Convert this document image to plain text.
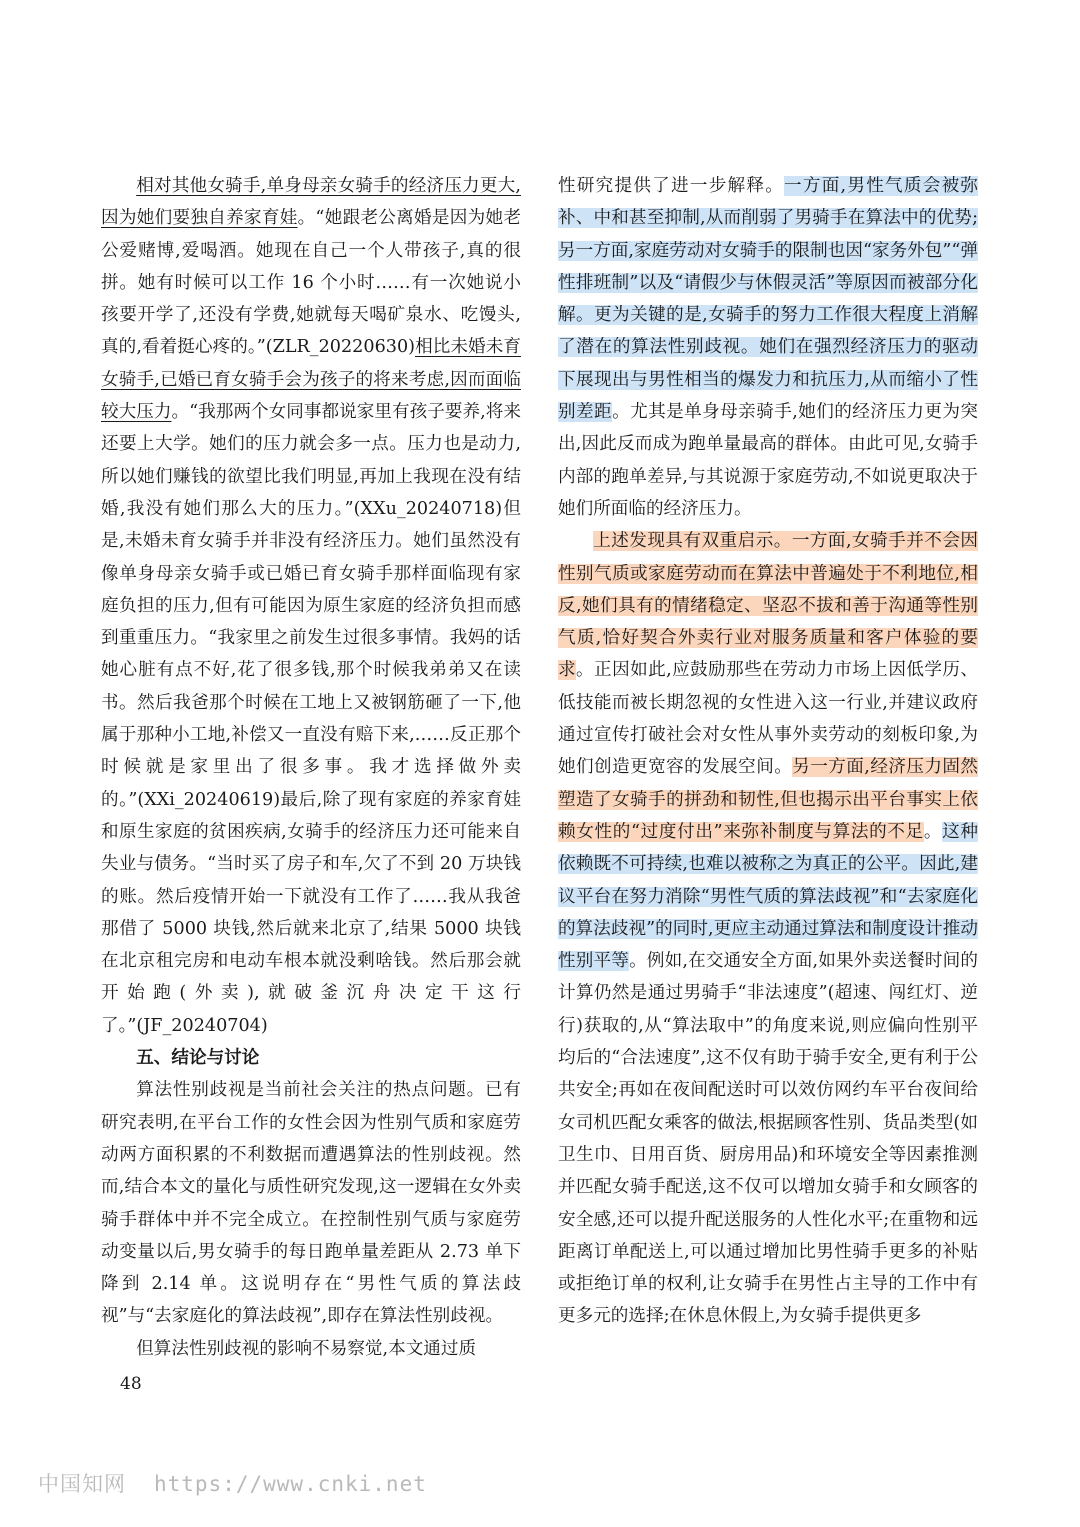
相对其他女骑手,单身母亲女骑手的经济压力更大,因为她们要独自养家育娃。“她跟老公离婚是因为她老公爱赌博,爱喝酒。她现在自己一个人带孩子,真的很拼。她有时候可以工作 16 个小时……有一次她说小孩要开学了,还没有学费,她就每天喝矿泉水、吃馒头,真的,看着挺心疼的。”(ZLR_20220630)相比未婚未育女骑手,已婚已育女骑手会为孩子的将来考虑,因而面临较大压力。“我那两个女同事都说家里有孩子要养,将来还要上大学。她们的压力就会多一点。压力也是动力,所以她们赚钱的欲望比我们明显,再加上我现在没有结婚,我没有她们那么大的压力。”(XXu_20240718)但是,未婚未育女骑手并非没有经济压力。她们虽然没有像单身母亲女骑手或已婚已育女骑手那样面临现有家庭负担的压力,但有可能因为原生家庭的经济负担而感到重重压力。“我家里之前发生过很多事情。我妈的话她心脏有点不好,花了很多钱,那个时候我弟弟又在读书。然后我爸那个时候在工地上又被钢筋砸了一下,他属于那种小工地,补偿又一直没有赔下来,……反正那个时候就是家里出了很多事。我才选择做外卖的。”(XXi_20240619)最后,除了现有家庭的养家育娃和原生家庭的贫困疾病,女骑手的经济压力还可能来自失业与债务。“当时买了房子和车,欠了不到 20 万块钱的账。然后疫情开始一下就没有工作了……我从我爸那借了 5000 块钱,然后就来北京了,结果 5000 块钱在北京租完房和电动车根本就没剩啥钱。然后那会就开始跑(外卖),就破釜沉舟决定干这行了。”(JF_20240704)

五、结论与讨论

算法性别歧视是当前社会关注的热点问题。已有研究表明,在平台工作的女性会因为性别气质和家庭劳动两方面积累的不利数据而遭遇算法的性别歧视。然而,结合本文的量化与质性研究发现,这一逻辑在女外卖骑手群体中并不完全成立。在控制性别气质与家庭劳动变量以后,男女骑手的每日跑单量差距从 2.73 单下降到 2.14 单。这说明存在“男性气质的算法歧视”与“去家庭化的算法歧视”,即存在算法性别歧视。

但算法性别歧视的影响不易察觉,本文通过质

性研究提供了进一步解释。一方面,男性气质会被弥补、中和甚至抑制,从而削弱了男骑手在算法中的优势;另一方面,家庭劳动对女骑手的限制也因“家务外包”“弹性排班制”以及“请假少与休假灵活”等原因而被部分化解。更为关键的是,女骑手的努力工作很大程度上消解了潜在的算法性别歧视。她们在强烈经济压力的驱动下展现出与男性相当的爆发力和抗压力,从而缩小了性别差距。尤其是单身母亲骑手,她们的经济压力更为突出,因此反而成为跑单量最高的群体。由此可见,女骑手内部的跑单差异,与其说源于家庭劳动,不如说更取决于她们所面临的经济压力。

上述发现具有双重启示。一方面,女骑手并不会因性别气质或家庭劳动而在算法中普遍处于不利地位,相反,她们具有的情绪稳定、坚忍不拔和善于沟通等性别气质,恰好契合外卖行业对服务质量和客户体验的要求。正因如此,应鼓励那些在劳动力市场上因低学历、低技能而被长期忽视的女性进入这一行业,并建议政府通过宣传打破社会对女性从事外卖劳动的刻板印象,为她们创造更宽容的发展空间。另一方面,经济压力固然塑造了女骑手的拼劲和韧性,但也揭示出平台事实上依赖女性的“过度付出”来弥补制度与算法的不足。这种依赖既不可持续,也难以被称之为真正的公平。因此,建议平台在努力消除“男性气质的算法歧视”和“去家庭化的算法歧视”的同时,更应主动通过算法和制度设计推动性别平等。例如,在交通安全方面,如果外卖送餐时间的计算仍然是通过男骑手“非法速度”(超速、闯红灯、逆行)获取的,从“算法取中”的角度来说,则应偏向性别平均后的“合法速度”,这不仅有助于骑手安全,更有利于公共安全;再如在夜间配送时可以效仿网约车平台夜间给女司机匹配女乘客的做法,根据顾客性别、货品类型(如卫生巾、日用百货、厨房用品)和环境安全等因素推测并匹配女骑手配送,这不仅可以增加女骑手和女顾客的安全感,还可以提升配送服务的人性化水平;在重物和远距离订单配送上,可以通过增加比男性骑手更多的补贴或拒绝订单的权利,让女骑手在男性占主导的工作中有更多元的选择;在休息休假上,为女骑手提供更多

48
中国知网 https://www.cnki.net
